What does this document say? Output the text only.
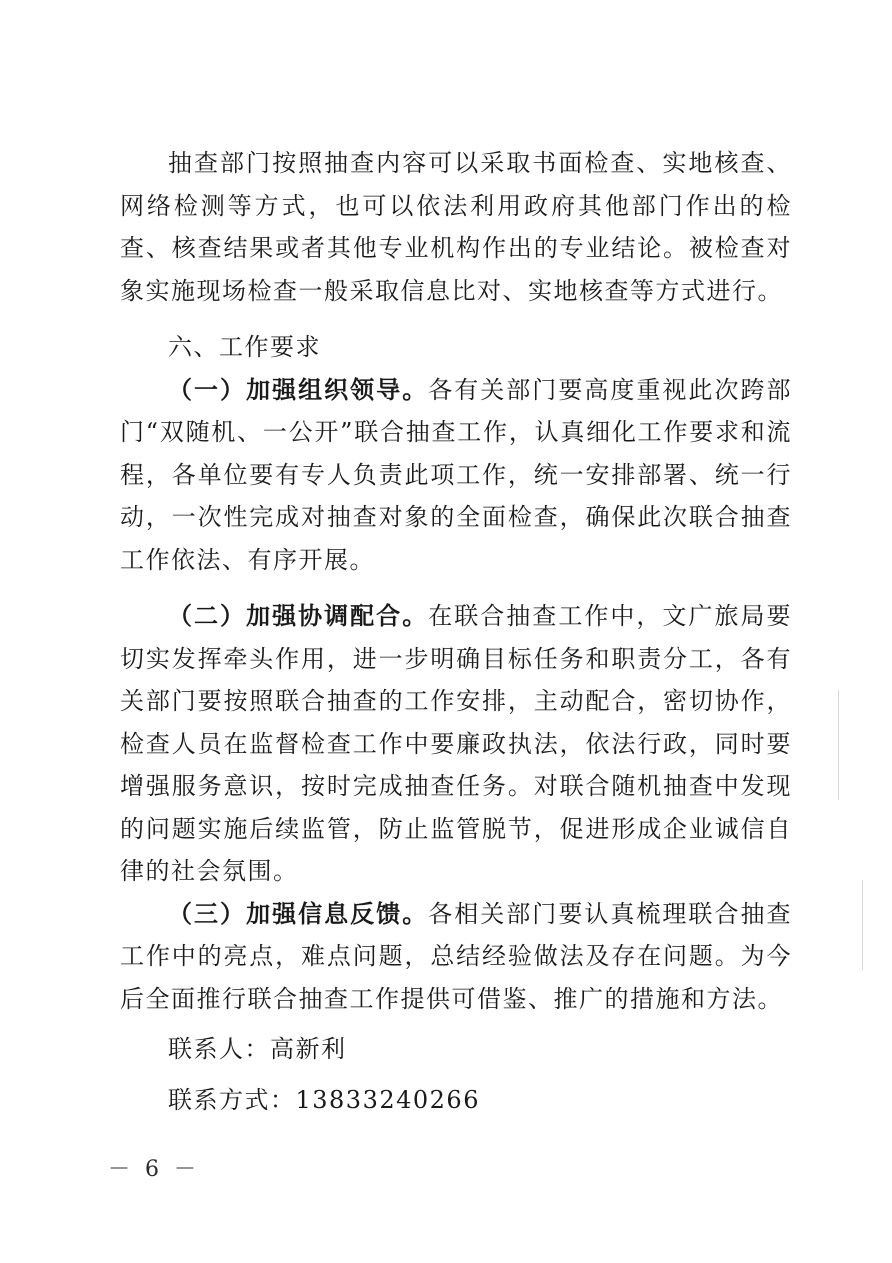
抽查部门按照抽查内容可以采取书面检查、实地核查、网络检测等方式，也可以依法利用政府其他部门作出的检查、核查结果或者其他专业机构作出的专业结论。被检查对象实施现场检查一般采取信息比对、实地核查等方式进行。

六、工作要求

（一）加强组织领导。各有关部门要高度重视此次跨部门“双随机、一公开”联合抽查工作，认真细化工作要求和流程，各单位要有专人负责此项工作，统一安排部署、统一行动，一次性完成对抽查对象的全面检查，确保此次联合抽查工作依法、有序开展。

（二）加强协调配合。在联合抽查工作中，文广旅局要切实发挥牵头作用，进一步明确目标任务和职责分工，各有关部门要按照联合抽查的工作安排，主动配合，密切协作，检查人员在监督检查工作中要廉政执法，依法行政，同时要增强服务意识，按时完成抽查任务。对联合随机抽查中发现的问题实施后续监管，防止监管脱节，促进形成企业诚信自律的社会氛围。

（三）加强信息反馈。各相关部门要认真梳理联合抽查工作中的亮点，难点问题，总结经验做法及存在问题。为今后全面推行联合抽查工作提供可借鉴、推广的措施和方法。

联系人：高新利

联系方式：13833240266

－ 6 －
